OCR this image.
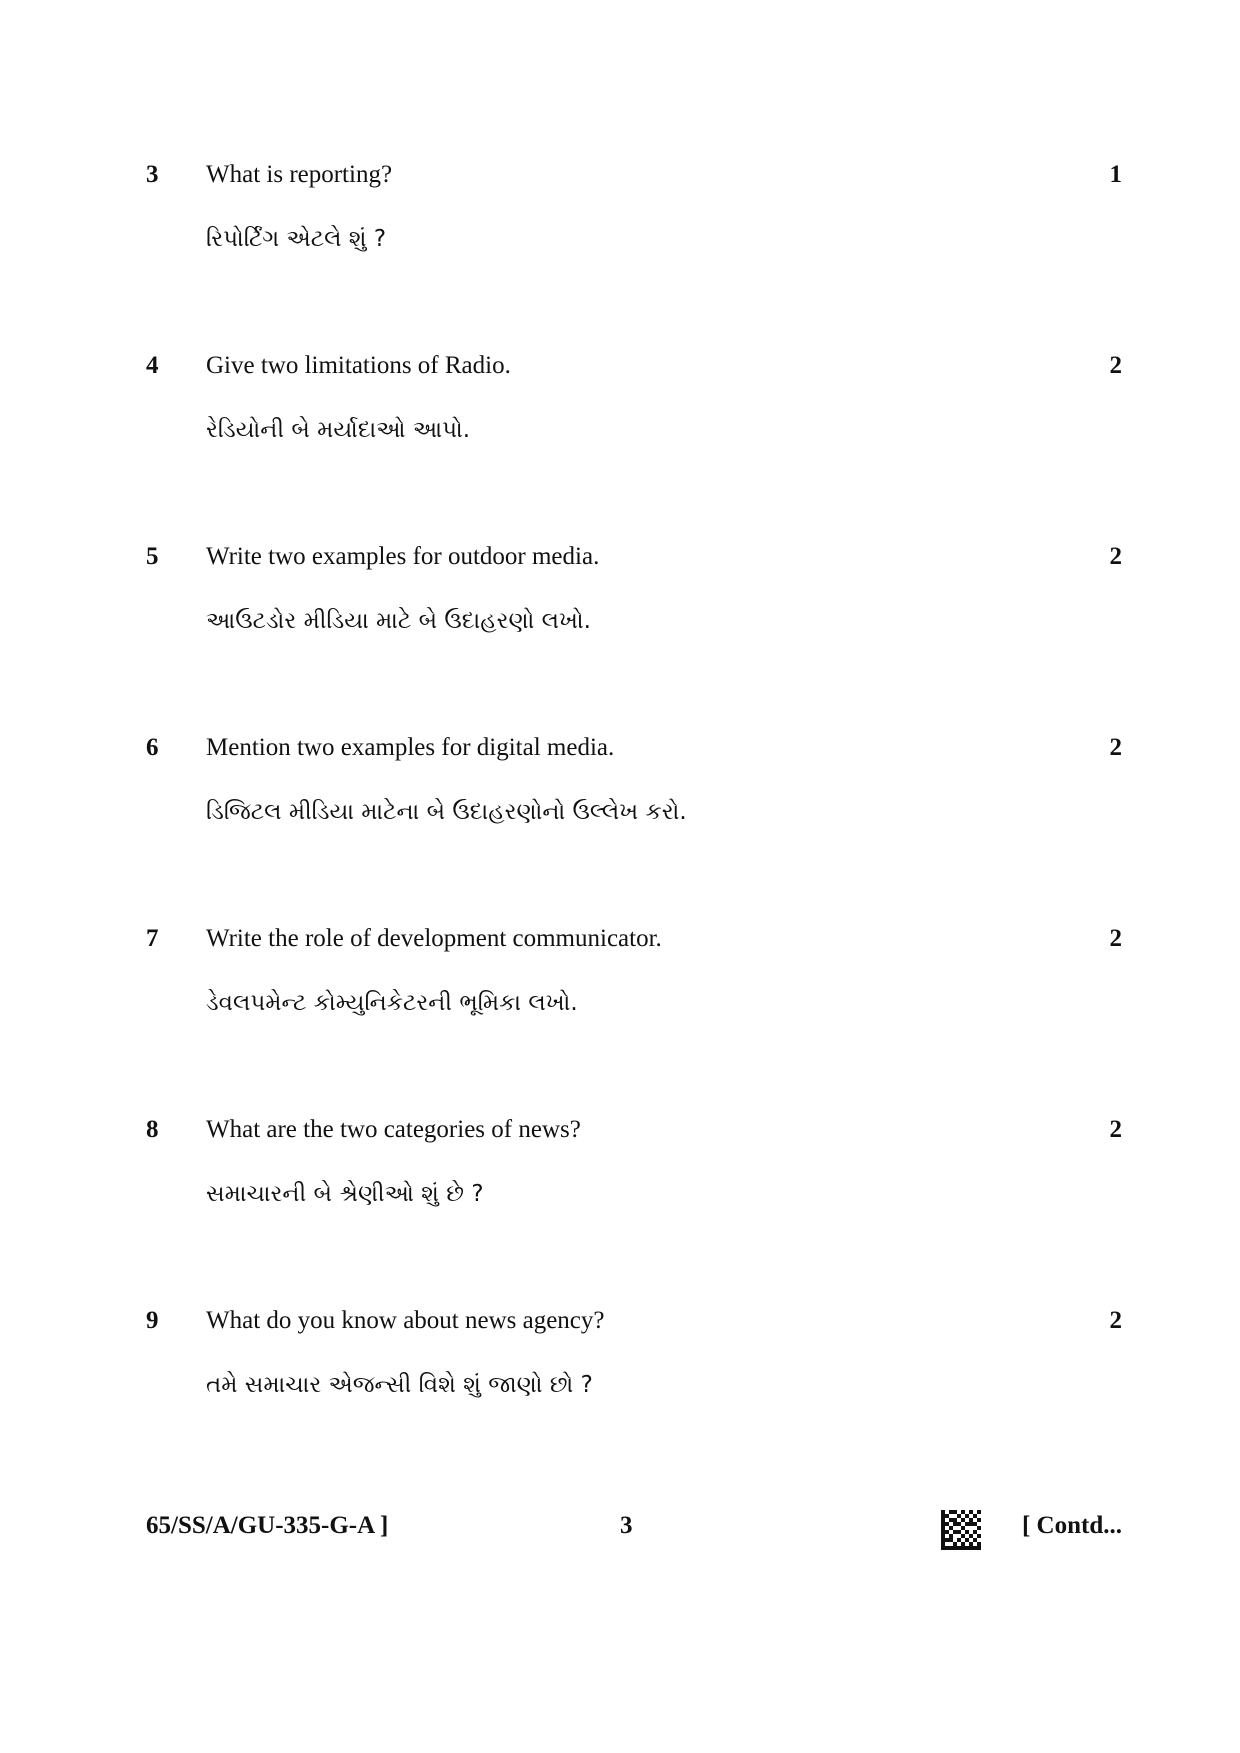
3 What is reporting?
રિપોર્ટિંગ એટલે શું ?
1
4 Give two limitations of Radio.
રેડિયોની બે મર્યાદાઓ આપો.
2
5 Write two examples for outdoor media.
આઉટડોર મીડિયા માટે બે ઉદાહરણો લખો.
2
6 Mention two examples for digital media.
ડિજિટલ મીડિયા માટેના બે ઉદાહરણોનો ઉલ્લેખ કરો.
2
7 Write the role of development communicator.
ડેવલપમેન્ટ કોમ્યુનિકેટરની ભૂમિકા લખો.
2
8 What are the two categories of news?
સમાચારની બે શ્રેણીઓ શું છે ?
2
9 What do you know about news agency?
તમે સમાચાર એજન્સી વિશે શું જાણો છો ?
2
65/SS/A/GU-335-G-A ]	3	[ Contd...
